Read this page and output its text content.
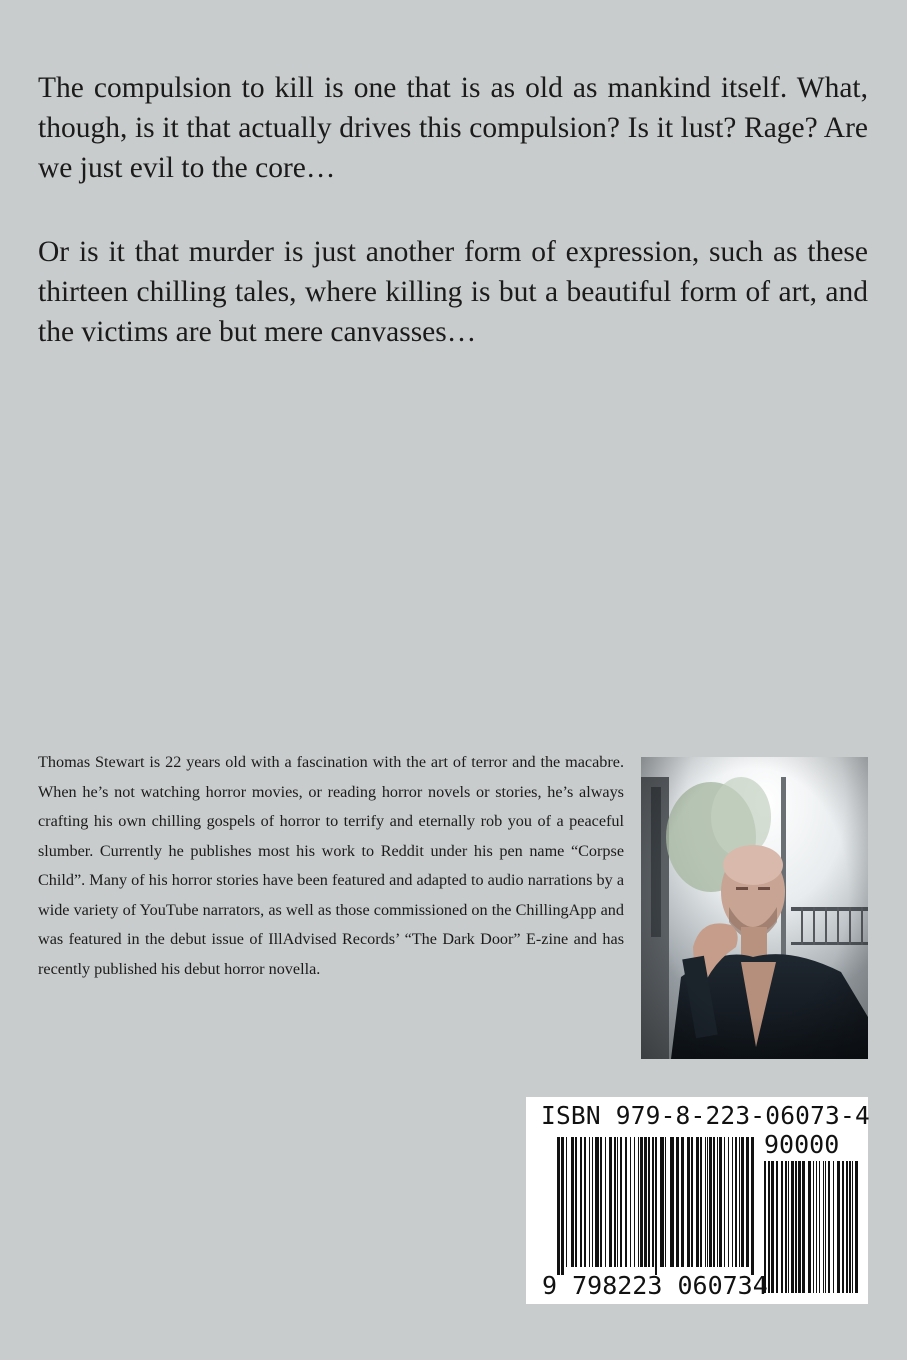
The compulsion to kill is one that is as old as mankind itself. What, though, is it that actually drives this compulsion? Is it lust? Rage? Are we just evil to the core…

Or is it that murder is just another form of expression, such as these thirteen chilling tales, where killing is but a beautiful form of art, and the victims are but mere canvasses…

Thomas Stewart is 22 years old with a fascination with the art of terror and the macabre. When he’s not watching horror movies, or reading horror novels or stories, he’s always crafting his own chilling gospels of horror to terrify and eternally rob you of a peaceful slumber. Currently he publishes most his work to Reddit under his pen name “Corpse Child”. Many of his horror stories have been featured and adapted to audio narrations by a wide variety of YouTube narrators, as well as those commissioned on the ChillingApp and was featured in the debut issue of IllAdvised Records’ “The Dark Door” E-zine and has recently published his debut horror novella.

ISBN 979-8-223-06073-4
90000
9 798223 060734
